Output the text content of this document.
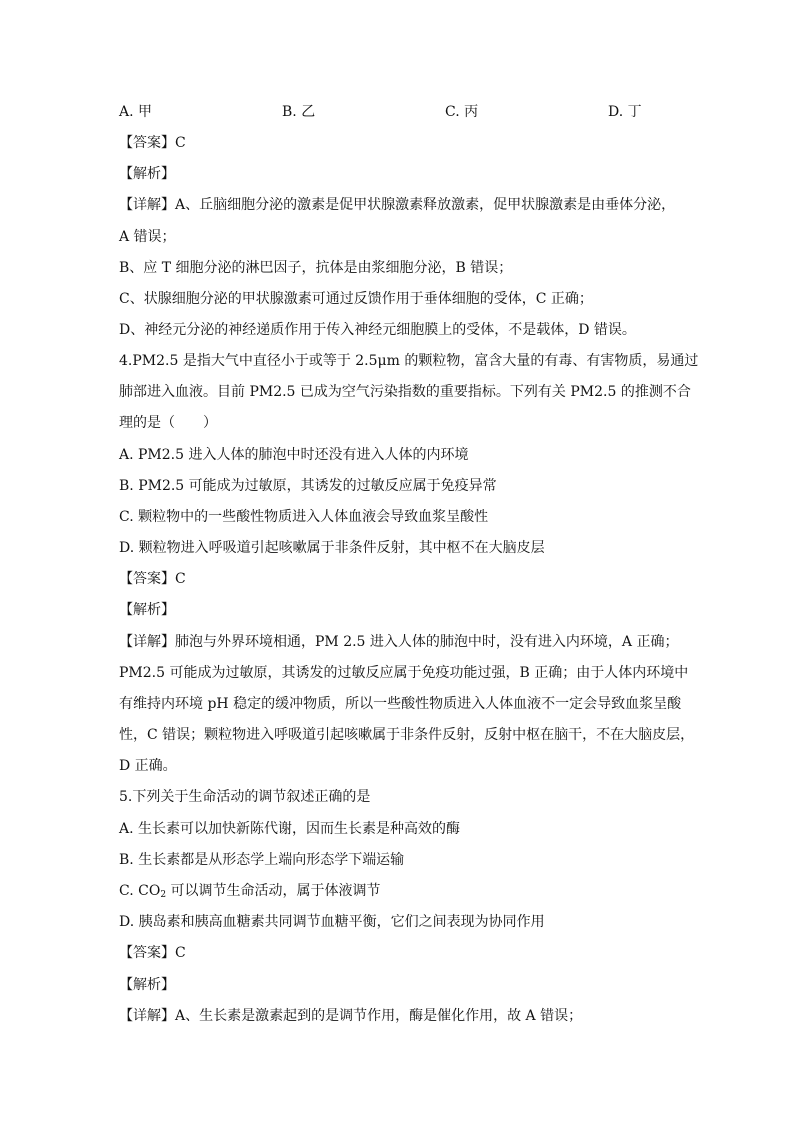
A. 甲	B. 乙	C. 丙	D. 丁
【答案】C
【解析】
【详解】A、丘脑细胞分泌的激素是促甲状腺激素释放激素，促甲状腺激素是由垂体分泌，
A 错误；
B、应 T 细胞分泌的淋巴因子，抗体是由浆细胞分泌，B 错误；
C、状腺细胞分泌的甲状腺激素可通过反馈作用于垂体细胞的受体，C 正确；
D、神经元分泌的神经递质作用于传入神经元细胞膜上的受体，不是载体，D 错误。
4.PM2.5 是指大气中直径小于或等于 2.5μm 的颗粒物，富含大量的有毒、有害物质，易通过
肺部进入血液。目前 PM2.5 已成为空气污染指数的重要指标。下列有关 PM2.5 的推测不合
理的是（　　）
A. PM2.5 进入人体的肺泡中时还没有进入人体的内环境
B. PM2.5 可能成为过敏原，其诱发的过敏反应属于免疫异常
C. 颗粒物中的一些酸性物质进入人体血液会导致血浆呈酸性
D. 颗粒物进入呼吸道引起咳嗽属于非条件反射，其中枢不在大脑皮层
【答案】C
【解析】
【详解】肺泡与外界环境相通，PM 2.5 进入人体的肺泡中时，没有进入内环境，A 正确；
PM2.5 可能成为过敏原，其诱发的过敏反应属于免疫功能过强，B 正确；由于人体内环境中
有维持内环境 pH 稳定的缓冲物质，所以一些酸性物质进入人体血液不一定会导致血浆呈酸
性，C 错误；颗粒物进入呼吸道引起咳嗽属于非条件反射，反射中枢在脑干，不在大脑皮层，
D 正确。
5.下列关于生命活动的调节叙述正确的是
A. 生长素可以加快新陈代谢，因而生长素是种高效的酶
B. 生长素都是从形态学上端向形态学下端运输
C. $CO_2$ 可以调节生命活动，属于体液调节
D. 胰岛素和胰高血糖素共同调节血糖平衡，它们之间表现为协同作用
【答案】C
【解析】
【详解】A、生长素是激素起到的是调节作用，酶是催化作用，故 A 错误；
